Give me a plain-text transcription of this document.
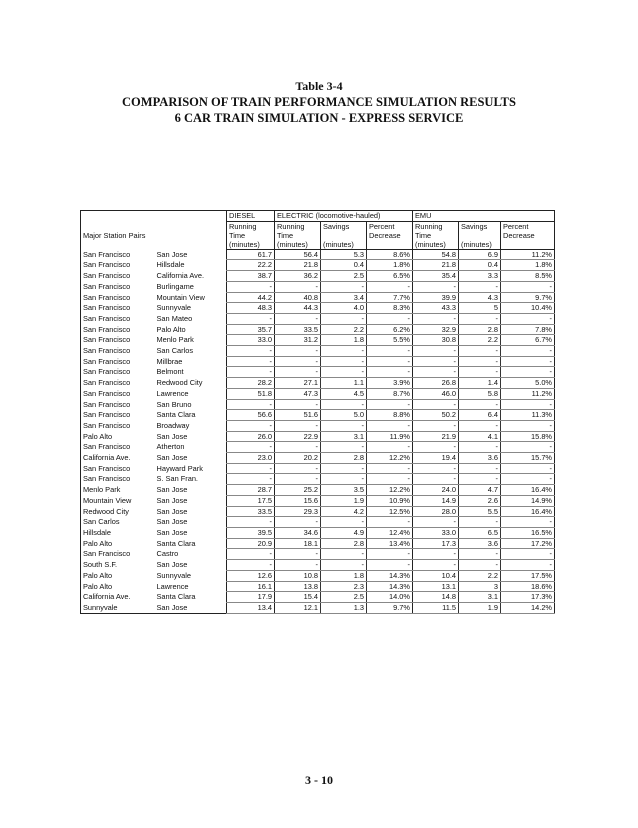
Table 3-4
COMPARISON OF TRAIN PERFORMANCE SIMULATION RESULTS
6 CAR TRAIN SIMULATION - EXPRESS SERVICE
		DIESEL	ELECTRIC (locomotive-hauled)			EMU		
		Running	Running	Savings	Percent	Running	Savings	Percent
Major Station Pairs		Time	Time		Decrease	Time		Decrease
		(minutes)	(minutes)	(minutes)		(minutes)	(minutes)	
San Francisco	San Jose	61.7	56.4	5.3	8.6%	54.8	6.9	11.2%
San Francisco	Hillsdale	22.2	21.8	0.4	1.8%	21.8	0.4	1.8%
San Francisco	California Ave.	38.7	36.2	2.5	6.5%	35.4	3.3	8.5%
San Francisco	Burlingame	-	-	-	-	-	-	-
San Francisco	Mountain View	44.2	40.8	3.4	7.7%	39.9	4.3	9.7%
San Francisco	Sunnyvale	48.3	44.3	4.0	8.3%	43.3	5	10.4%
San Francisco	San Mateo	-	-	-	-	-	-	-
San Francisco	Palo Alto	35.7	33.5	2.2	6.2%	32.9	2.8	7.8%
San Francisco	Menlo Park	33.0	31.2	1.8	5.5%	30.8	2.2	6.7%
San Francisco	San Carlos	-	-	-	-	-	-	-
San Francisco	Millbrae	-	-	-	-	-	-	-
San Francisco	Belmont	-	-	-	-	-	-	-
San Francisco	Redwood City	28.2	27.1	1.1	3.9%	26.8	1.4	5.0%
San Francisco	Lawrence	51.8	47.3	4.5	8.7%	46.0	5.8	11.2%
San Francisco	San Bruno	-	-	-	-	-	-	-
San Francisco	Santa Clara	56.6	51.6	5.0	8.8%	50.2	6.4	11.3%
San Francisco	Broadway	-	-	-	-	-	-	-
Palo Alto	San Jose	26.0	22.9	3.1	11.9%	21.9	4.1	15.8%
San Francisco	Atherton	-	-	-	-	-	-	-
California Ave.	San Jose	23.0	20.2	2.8	12.2%	19.4	3.6	15.7%
San Francisco	Hayward Park	-	-	-	-	-	-	-
San Francisco	S. San Fran.	-	-	-	-	-	-	-
Menlo Park	San Jose	28.7	25.2	3.5	12.2%	24.0	4.7	16.4%
Mountain View	San Jose	17.5	15.6	1.9	10.9%	14.9	2.6	14.9%
Redwood City	San Jose	33.5	29.3	4.2	12.5%	28.0	5.5	16.4%
San Carlos	San Jose	-	-	-	-	-	-	-
Hillsdale	San Jose	39.5	34.6	4.9	12.4%	33.0	6.5	16.5%
Palo Alto	Santa Clara	20.9	18.1	2.8	13.4%	17.3	3.6	17.2%
San Francisco	Castro	-	-	-	-	-	-	-
South S.F.	San Jose	-	-	-	-	-	-	-
Palo Alto	Sunnyvale	12.6	10.8	1.8	14.3%	10.4	2.2	17.5%
Palo Alto	Lawrence	16.1	13.8	2.3	14.3%	13.1	3	18.6%
California Ave.	Santa Clara	17.9	15.4	2.5	14.0%	14.8	3.1	17.3%
Sunnyvale	San Jose	13.4	12.1	1.3	9.7%	11.5	1.9	14.2%
3 - 10
